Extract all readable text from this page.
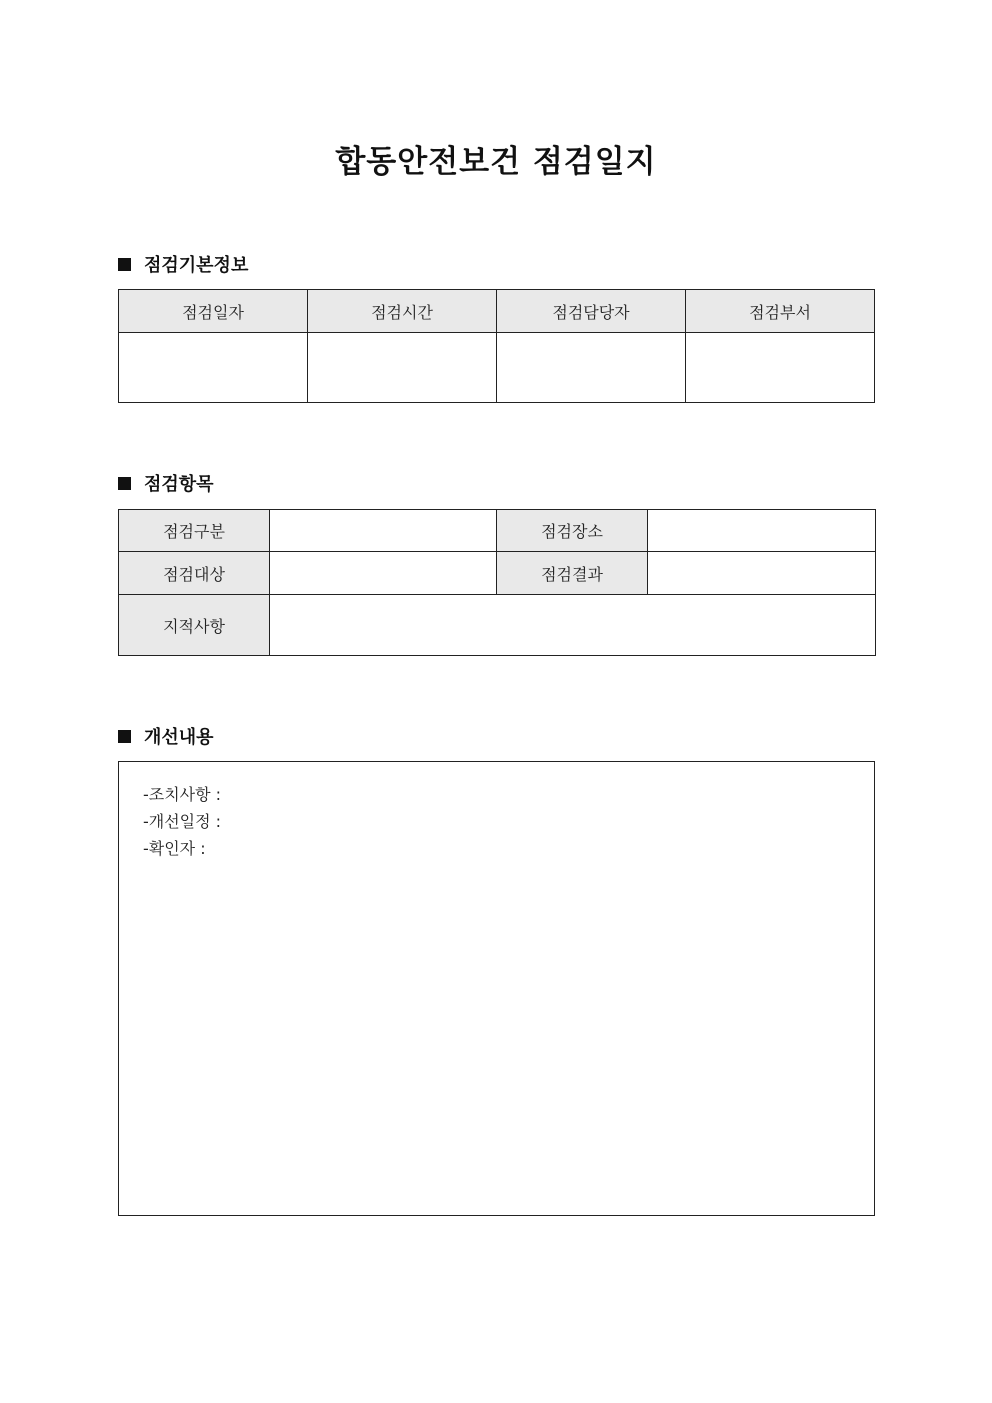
합동안전보건 점검일지
점검기본정보
점검일자	점검시간	점검담당자	점검부서

점검항목
점검구분		점검장소	
점검대상		점검결과	
지적사항			
개선내용
-조치사항 :
-개선일정 :
-확인자 :
